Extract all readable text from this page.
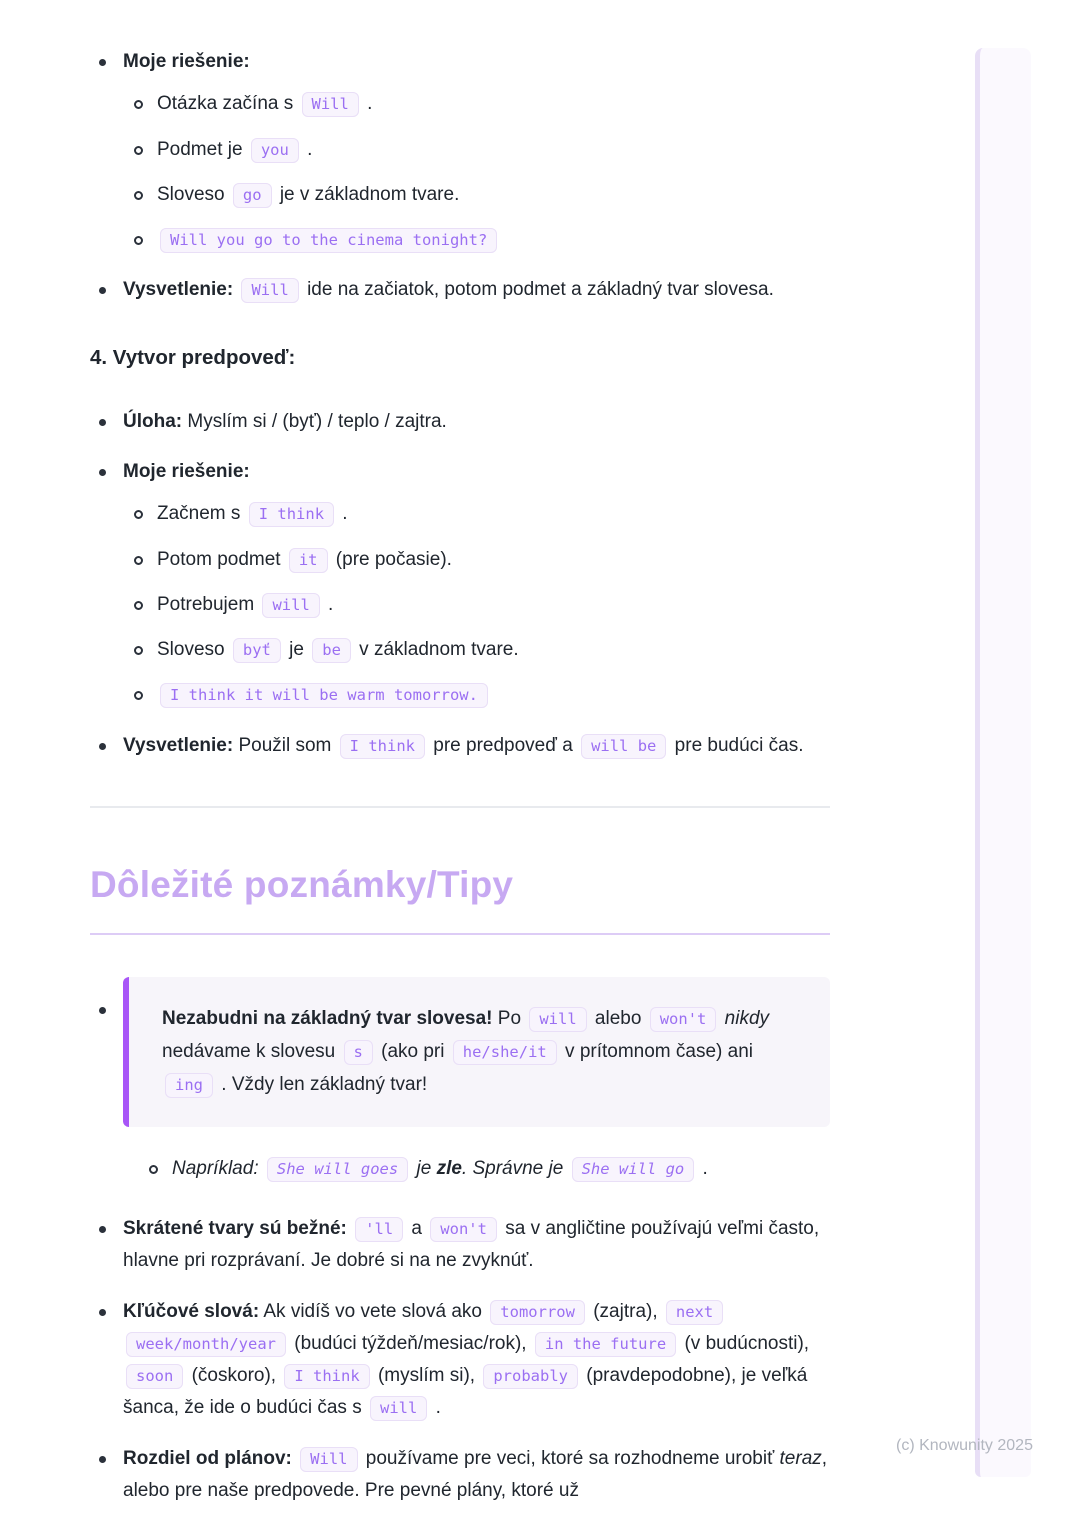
Moje riešenie:
Otázka začína s Will .
Podmet je you .
Sloveso go je v základnom tvare.
Will you go to the cinema tonight?
Vysvetlenie: Will ide na začiatok, potom podmet a základný tvar slovesa.
4. Vytvor predpoveď:
Úloha: Myslím si / (byť) / teplo / zajtra.
Moje riešenie:
Začnem s I think .
Potom podmet it (pre počasie).
Potrebujem will .
Sloveso byť je be v základnom tvare.
I think it will be warm tomorrow.
Vysvetlenie: Použil som I think pre predpoveď a will be pre budúci čas.
Dôležité poznámky/Tipy
Nezabudni na základný tvar slovesa! Po will alebo won't nikdy nedávame k slovesu s (ako pri he/she/it v prítomnom čase) ani ing . Vždy len základný tvar!
Napríklad: She will goes je zle. Správne je She will go .
Skrátené tvary sú bežné: 'll a won't sa v angličtine používajú veľmi často, hlavne pri rozprávaní. Je dobré si na ne zvyknúť.
Kľúčové slová: Ak vidíš vo vete slová ako tomorrow (zajtra), next week/month/year (budúci týždeň/mesiac/rok), in the future (v budúcnosti), soon (čoskoro), I think (myslím si), probably (pravdepodobne), je veľká šanca, že ide o budúci čas s will .
Rozdiel od plánov: Will používame pre veci, ktoré sa rozhodneme urobiť teraz, alebo pre naše predpovede. Pre pevné plány, ktoré už
(c) Knowunity 2025
